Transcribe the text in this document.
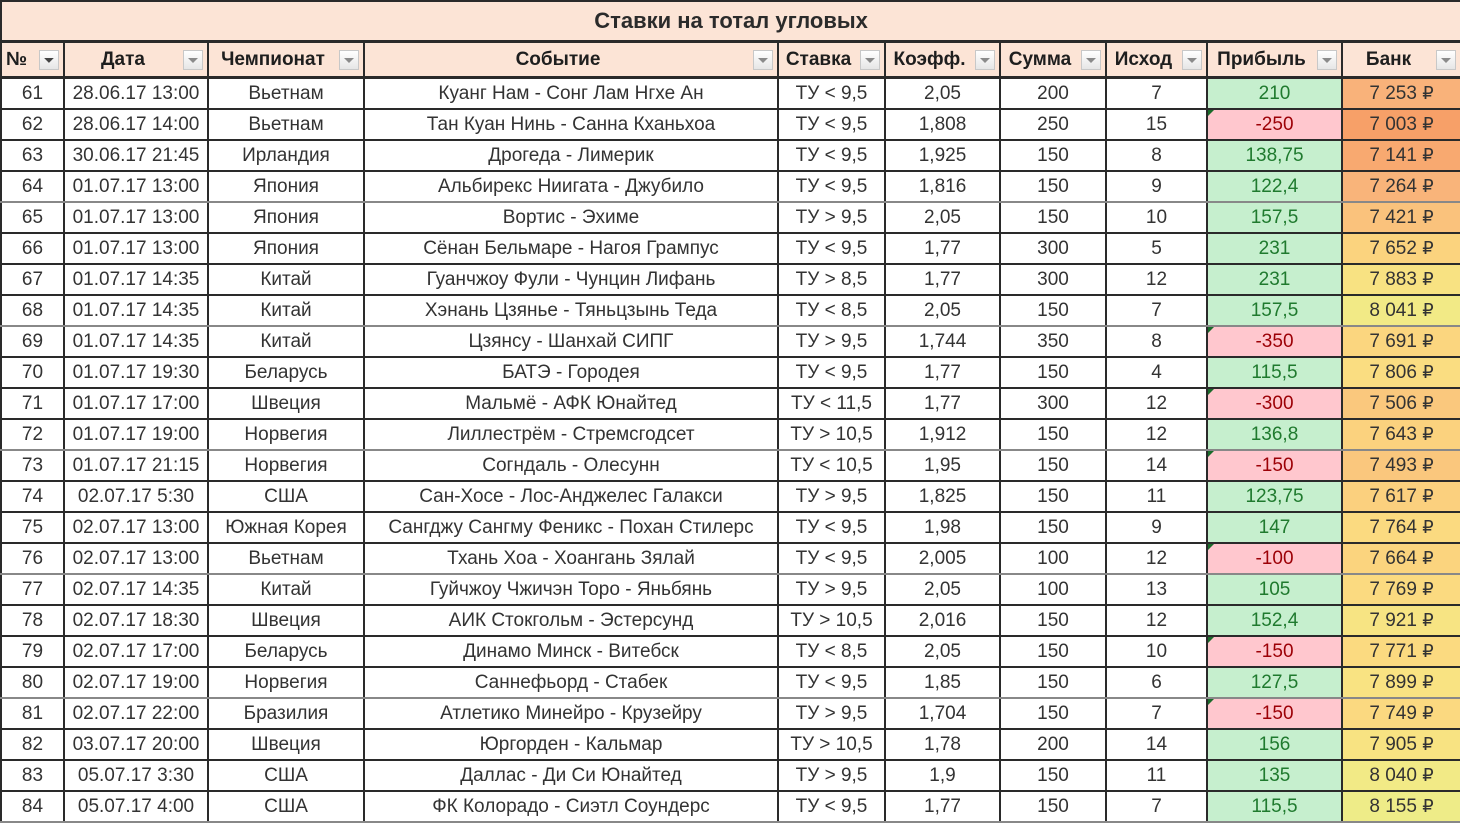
Ставки на тотал угловых									
№ ⏷	Дата	Чемпионат	Событие	Ставка	Коэфф.	Сумма	Исход	Прибыль	Банк

61	28.06.17 13:00	Вьетнам	Куанг Нам - Сонг Лам Нгхе Ан	ТУ < 9,5	2,05	200	7	210	7 253 ₽
62	28.06.17 14:00	Вьетнам	Тан Куан Нинь - Санна Кханьхоа	ТУ < 9,5	1,808	250	15	-250	7 003 ₽
63	30.06.17 21:45	Ирландия	Дрогеда - Лимерик	ТУ < 9,5	1,925	150	8	138,75	7 141 ₽
64	01.07.17 13:00	Япония	Альбирекс Ниигата - Джубило	ТУ < 9,5	1,816	150	9	122,4	7 264 ₽
65	01.07.17 13:00	Япония	Вортис - Эхиме	ТУ > 9,5	2,05	150	10	157,5	7 421 ₽
66	01.07.17 13:00	Япония	Сёнан Бельмаре - Нагоя Грампус	ТУ < 9,5	1,77	300	5	231	7 652 ₽
67	01.07.17 14:35	Китай	Гуанчжоу Фули - Чунцин Лифань	ТУ > 8,5	1,77	300	12	231	7 883 ₽
68	01.07.17 14:35	Китай	Хэнань Цзянье - Тяньцзынь Теда	ТУ < 8,5	2,05	150	7	157,5	8 041 ₽
69	01.07.17 14:35	Китай	Цзянсу - Шанхай СИПГ	ТУ > 9,5	1,744	350	8	-350	7 691 ₽
70	01.07.17 19:30	Беларусь	БАТЭ - Городея	ТУ < 9,5	1,77	150	4	115,5	7 806 ₽
71	01.07.17 17:00	Швеция	Мальмё - АФК Юнайтед	ТУ < 11,5	1,77	300	12	-300	7 506 ₽
72	01.07.17 19:00	Норвегия	Лиллестрём - Стремсгодсет	ТУ > 10,5	1,912	150	12	136,8	7 643 ₽
73	01.07.17 21:15	Норвегия	Согндаль - Олесунн	ТУ < 10,5	1,95	150	14	-150	7 493 ₽
74	02.07.17 5:30	США	Сан-Хосе - Лос-Анджелес Галакси	ТУ > 9,5	1,825	150	11	123,75	7 617 ₽
75	02.07.17 13:00	Южная Корея	Сангджу Сангму Феникс - Похан Стилерс	ТУ < 9,5	1,98	150	9	147	7 764 ₽
76	02.07.17 13:00	Вьетнам	Тхань Хоа - Хоангань Зялай	ТУ < 9,5	2,005	100	12	-100	7 664 ₽
77	02.07.17 14:35	Китай	Гуйчжоу Чжичэн Торо - Яньбянь	ТУ > 9,5	2,05	100	13	105	7 769 ₽
78	02.07.17 18:30	Швеция	АИК Стокгольм - Эстерсунд	ТУ > 10,5	2,016	150	12	152,4	7 921 ₽
79	02.07.17 17:00	Беларусь	Динамо Минск - Витебск	ТУ < 8,5	2,05	150	10	-150	7 771 ₽
80	02.07.17 19:00	Норвегия	Саннефьорд - Стабек	ТУ < 9,5	1,85	150	6	127,5	7 899 ₽
81	02.07.17 22:00	Бразилия	Атлетико Минейро - Крузейру	ТУ > 9,5	1,704	150	7	-150	7 749 ₽
82	03.07.17 20:00	Швеция	Юргорден - Кальмар	ТУ > 10,5	1,78	200	14	156	7 905 ₽
83	05.07.17 3:30	США	Даллас - Ди Си Юнайтед	ТУ > 9,5	1,9	150	11	135	8 040 ₽
84	05.07.17 4:00	США	ФК Колорадо - Сиэтл Соундерс	ТУ < 9,5	1,77	150	7	115,5	8 155 ₽
